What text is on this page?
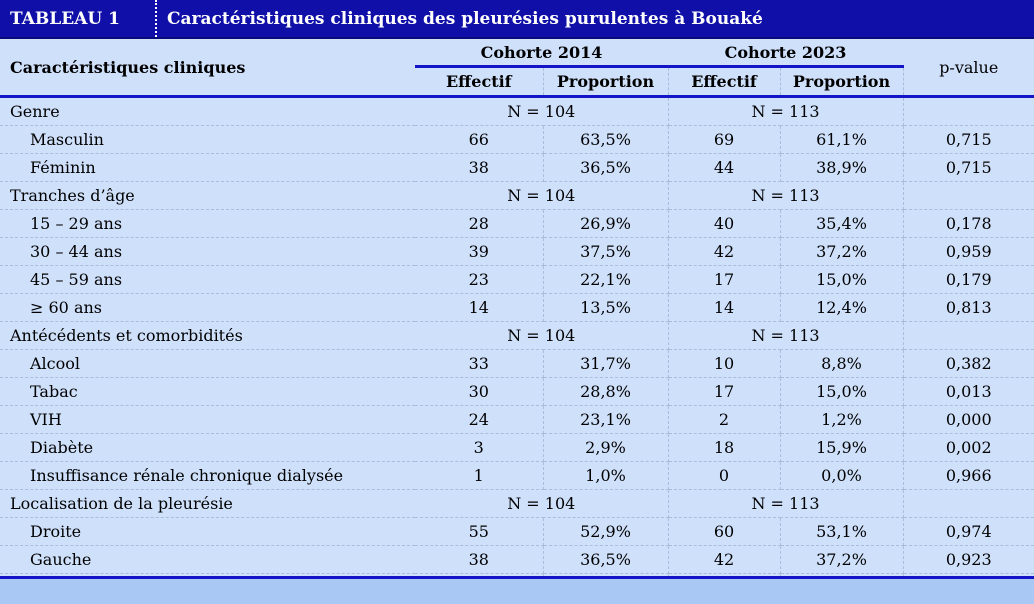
TABLEAU 1	Caractéristiques cliniques des pleurésies purulentes à Bouaké
Caractéristiques cliniques	Cohorte 2014		Cohorte 2023		p-value
	Effectif	Proportion	Effectif	Proportion	
Genre	N = 104		N = 113		
Masculin	66	63,5%	69	61,1%	0,715
Féminin	38	36,5%	44	38,9%	0,715
Tranches d’âge	N = 104		N = 113		
15 – 29 ans	28	26,9%	40	35,4%	0,178
30 – 44 ans	39	37,5%	42	37,2%	0,959
45 – 59 ans	23	22,1%	17	15,0%	0,179
≥ 60 ans	14	13,5%	14	12,4%	0,813
Antécédents et comorbidités	N = 104		N = 113		
Alcool	33	31,7%	10	8,8%	0,382
Tabac	30	28,8%	17	15,0%	0,013
VIH	24	23,1%	2	1,2%	0,000
Diabète	3	2,9%	18	15,9%	0,002
Insuffisance rénale chronique dialysée	1	1,0%	0	0,0%	0,966
Localisation de la pleurésie	N = 104		N = 113		
Droite	55	52,9%	60	53,1%	0,974
Gauche	38	36,5%	42	37,2%	0,923
